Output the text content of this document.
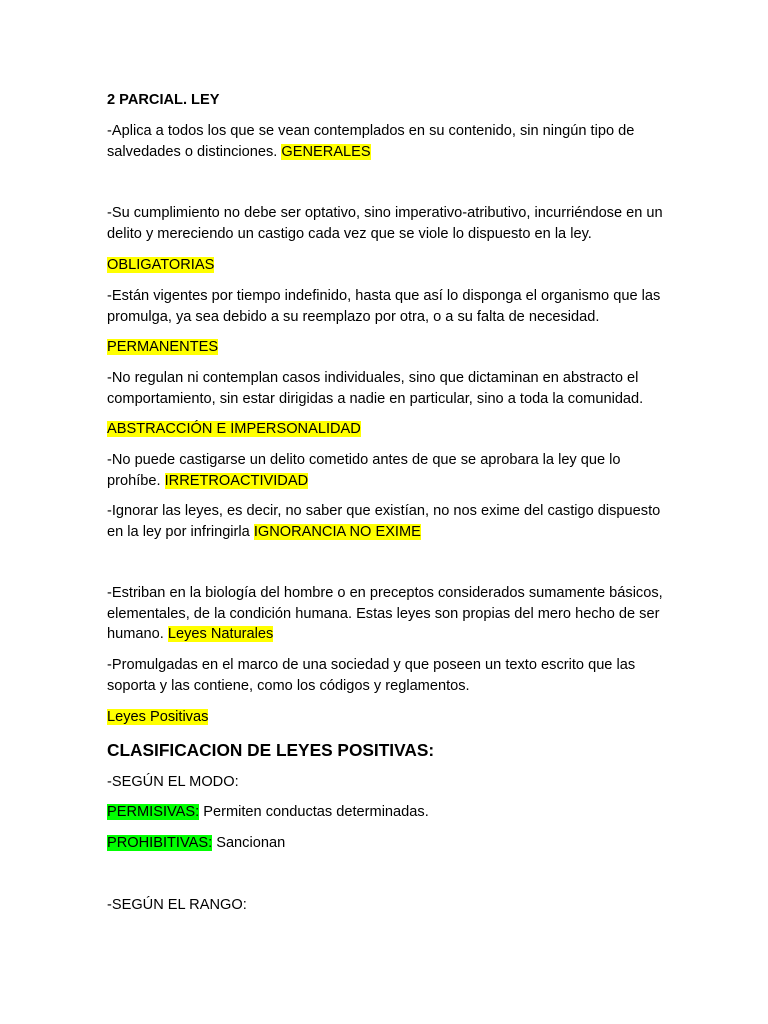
2 PARCIAL. LEY
-Aplica a todos los que se vean contemplados en su contenido, sin ningún tipo de salvedades o distinciones. GENERALES
-Su cumplimiento no debe ser optativo, sino imperativo-atributivo, incurriéndose en un delito y mereciendo un castigo cada vez que se viole lo dispuesto en la ley.
OBLIGATORIAS
-Están vigentes por tiempo indefinido, hasta que así lo disponga el organismo que las promulga, ya sea debido a su reemplazo por otra, o a su falta de necesidad.
PERMANENTES
-No regulan ni contemplan casos individuales, sino que dictaminan en abstracto el comportamiento, sin estar dirigidas a nadie en particular, sino a toda la comunidad.
ABSTRACCIÓN E IMPERSONALIDAD
-No puede castigarse un delito cometido antes de que se aprobara la ley que lo prohíbe. IRRETROACTIVIDAD
-Ignorar las leyes, es decir, no saber que existían, no nos exime del castigo dispuesto en la ley por infringirla IGNORANCIA NO EXIME
-Estriban en la biología del hombre o en preceptos considerados sumamente básicos, elementales, de la condición humana. Estas leyes son propias del mero hecho de ser humano. Leyes Naturales
-Promulgadas en el marco de una sociedad y que poseen un texto escrito que las soporta y las contiene, como los códigos y reglamentos.
Leyes Positivas
CLASIFICACION DE LEYES POSITIVAS:
-SEGÚN EL MODO:
PERMISIVAS: Permiten conductas determinadas.
PROHIBITIVAS: Sancionan
-SEGÚN EL RANGO:
